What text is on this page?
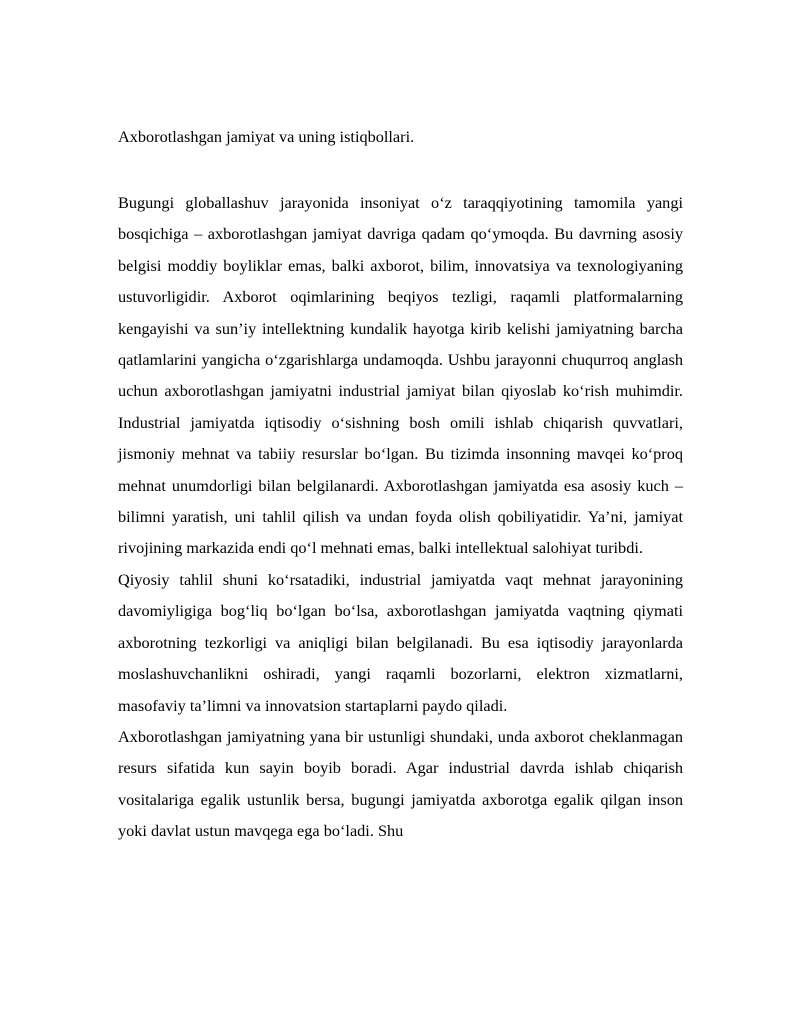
Axborotlashgan jamiyat va uning istiqbollari.

Bugungi globallashuv jarayonida insoniyat o‘z taraqqiyotining tamomila yangi bosqichiga – axborotlashgan jamiyat davriga qadam qo‘ymoqda. Bu davrning asosiy belgisi moddiy boyliklar emas, balki axborot, bilim, innovatsiya va texnologiyaning ustuvorligidir. Axborot oqimlarining beqiyos tezligi, raqamli platformalarning kengayishi va sun’iy intellektning kundalik hayotga kirib kelishi jamiyatning barcha qatlamlarini yangicha o‘zgarishlarga undamoqda. Ushbu jarayonni chuqurroq anglash uchun axborotlashgan jamiyatni industrial jamiyat bilan qiyoslab ko‘rish muhimdir. Industrial jamiyatda iqtisodiy o‘sishning bosh omili ishlab chiqarish quvvatlari, jismoniy mehnat va tabiiy resurslar bo‘lgan. Bu tizimda insonning mavqei ko‘proq mehnat unumdorligi bilan belgilanardi. Axborotlashgan jamiyatda esa asosiy kuch – bilimni yaratish, uni tahlil qilish va undan foyda olish qobiliyatidir. Ya’ni, jamiyat rivojining markazida endi qo‘l mehnati emas, balki intellektual salohiyat turibdi.

Qiyosiy tahlil shuni ko‘rsatadiki, industrial jamiyatda vaqt mehnat jarayonining davomiyligiga bog‘liq bo‘lgan bo‘lsa, axborotlashgan jamiyatda vaqtning qiymati axborotning tezkorligi va aniqligi bilan belgilanadi. Bu esa iqtisodiy jarayonlarda moslashuvchanlikni oshiradi, yangi raqamli bozorlarni, elektron xizmatlarni, masofaviy ta’limni va innovatsion startaplarni paydo qiladi.

Axborotlashgan jamiyatning yana bir ustunligi shundaki, unda axborot cheklanmagan resurs sifatida kun sayin boyib boradi. Agar industrial davrda ishlab chiqarish vositalariga egalik ustunlik bersa, bugungi jamiyatda axborotga egalik qilgan inson yoki davlat ustun mavqega ega bo‘ladi. Shu
